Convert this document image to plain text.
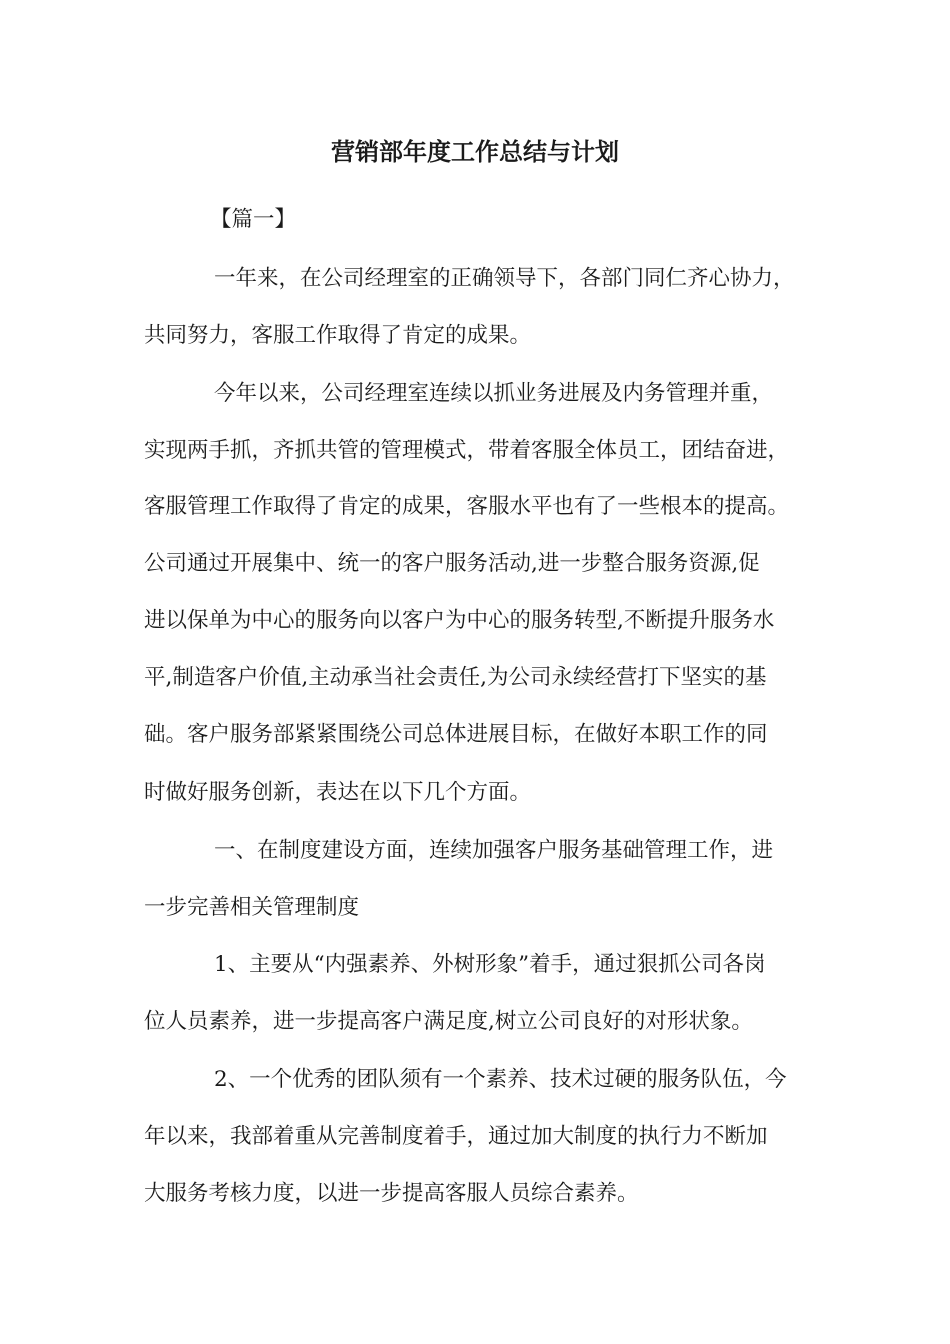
营销部年度工作总结与计划
【篇一】
一年来，在公司经理室的正确领导下，各部门同仁齐心协力，
共同努力，客服工作取得了肯定的成果。
今年以来，公司经理室连续以抓业务进展及内务管理并重，
实现两手抓，齐抓共管的管理模式，带着客服全体员工，团结奋进，
客服管理工作取得了肯定的成果，客服水平也有了一些根本的提高。
公司通过开展集中、统一的客户服务活动,进一步整合服务资源,促
进以保单为中心的服务向以客户为中心的服务转型,不断提升服务水
平,制造客户价值,主动承当社会责任,为公司永续经营打下坚实的基
础。客户服务部紧紧围绕公司总体进展目标，在做好本职工作的同
时做好服务创新，表达在以下几个方面。
一、在制度建设方面，连续加强客户服务基础管理工作，进
一步完善相关管理制度
1、主要从“内强素养、外树形象”着手，通过狠抓公司各岗
位人员素养，进一步提高客户满足度,树立公司良好的对形状象。
2、一个优秀的团队须有一个素养、技术过硬的服务队伍，今
年以来，我部着重从完善制度着手，通过加大制度的执行力不断加
大服务考核力度，以进一步提高客服人员综合素养。
